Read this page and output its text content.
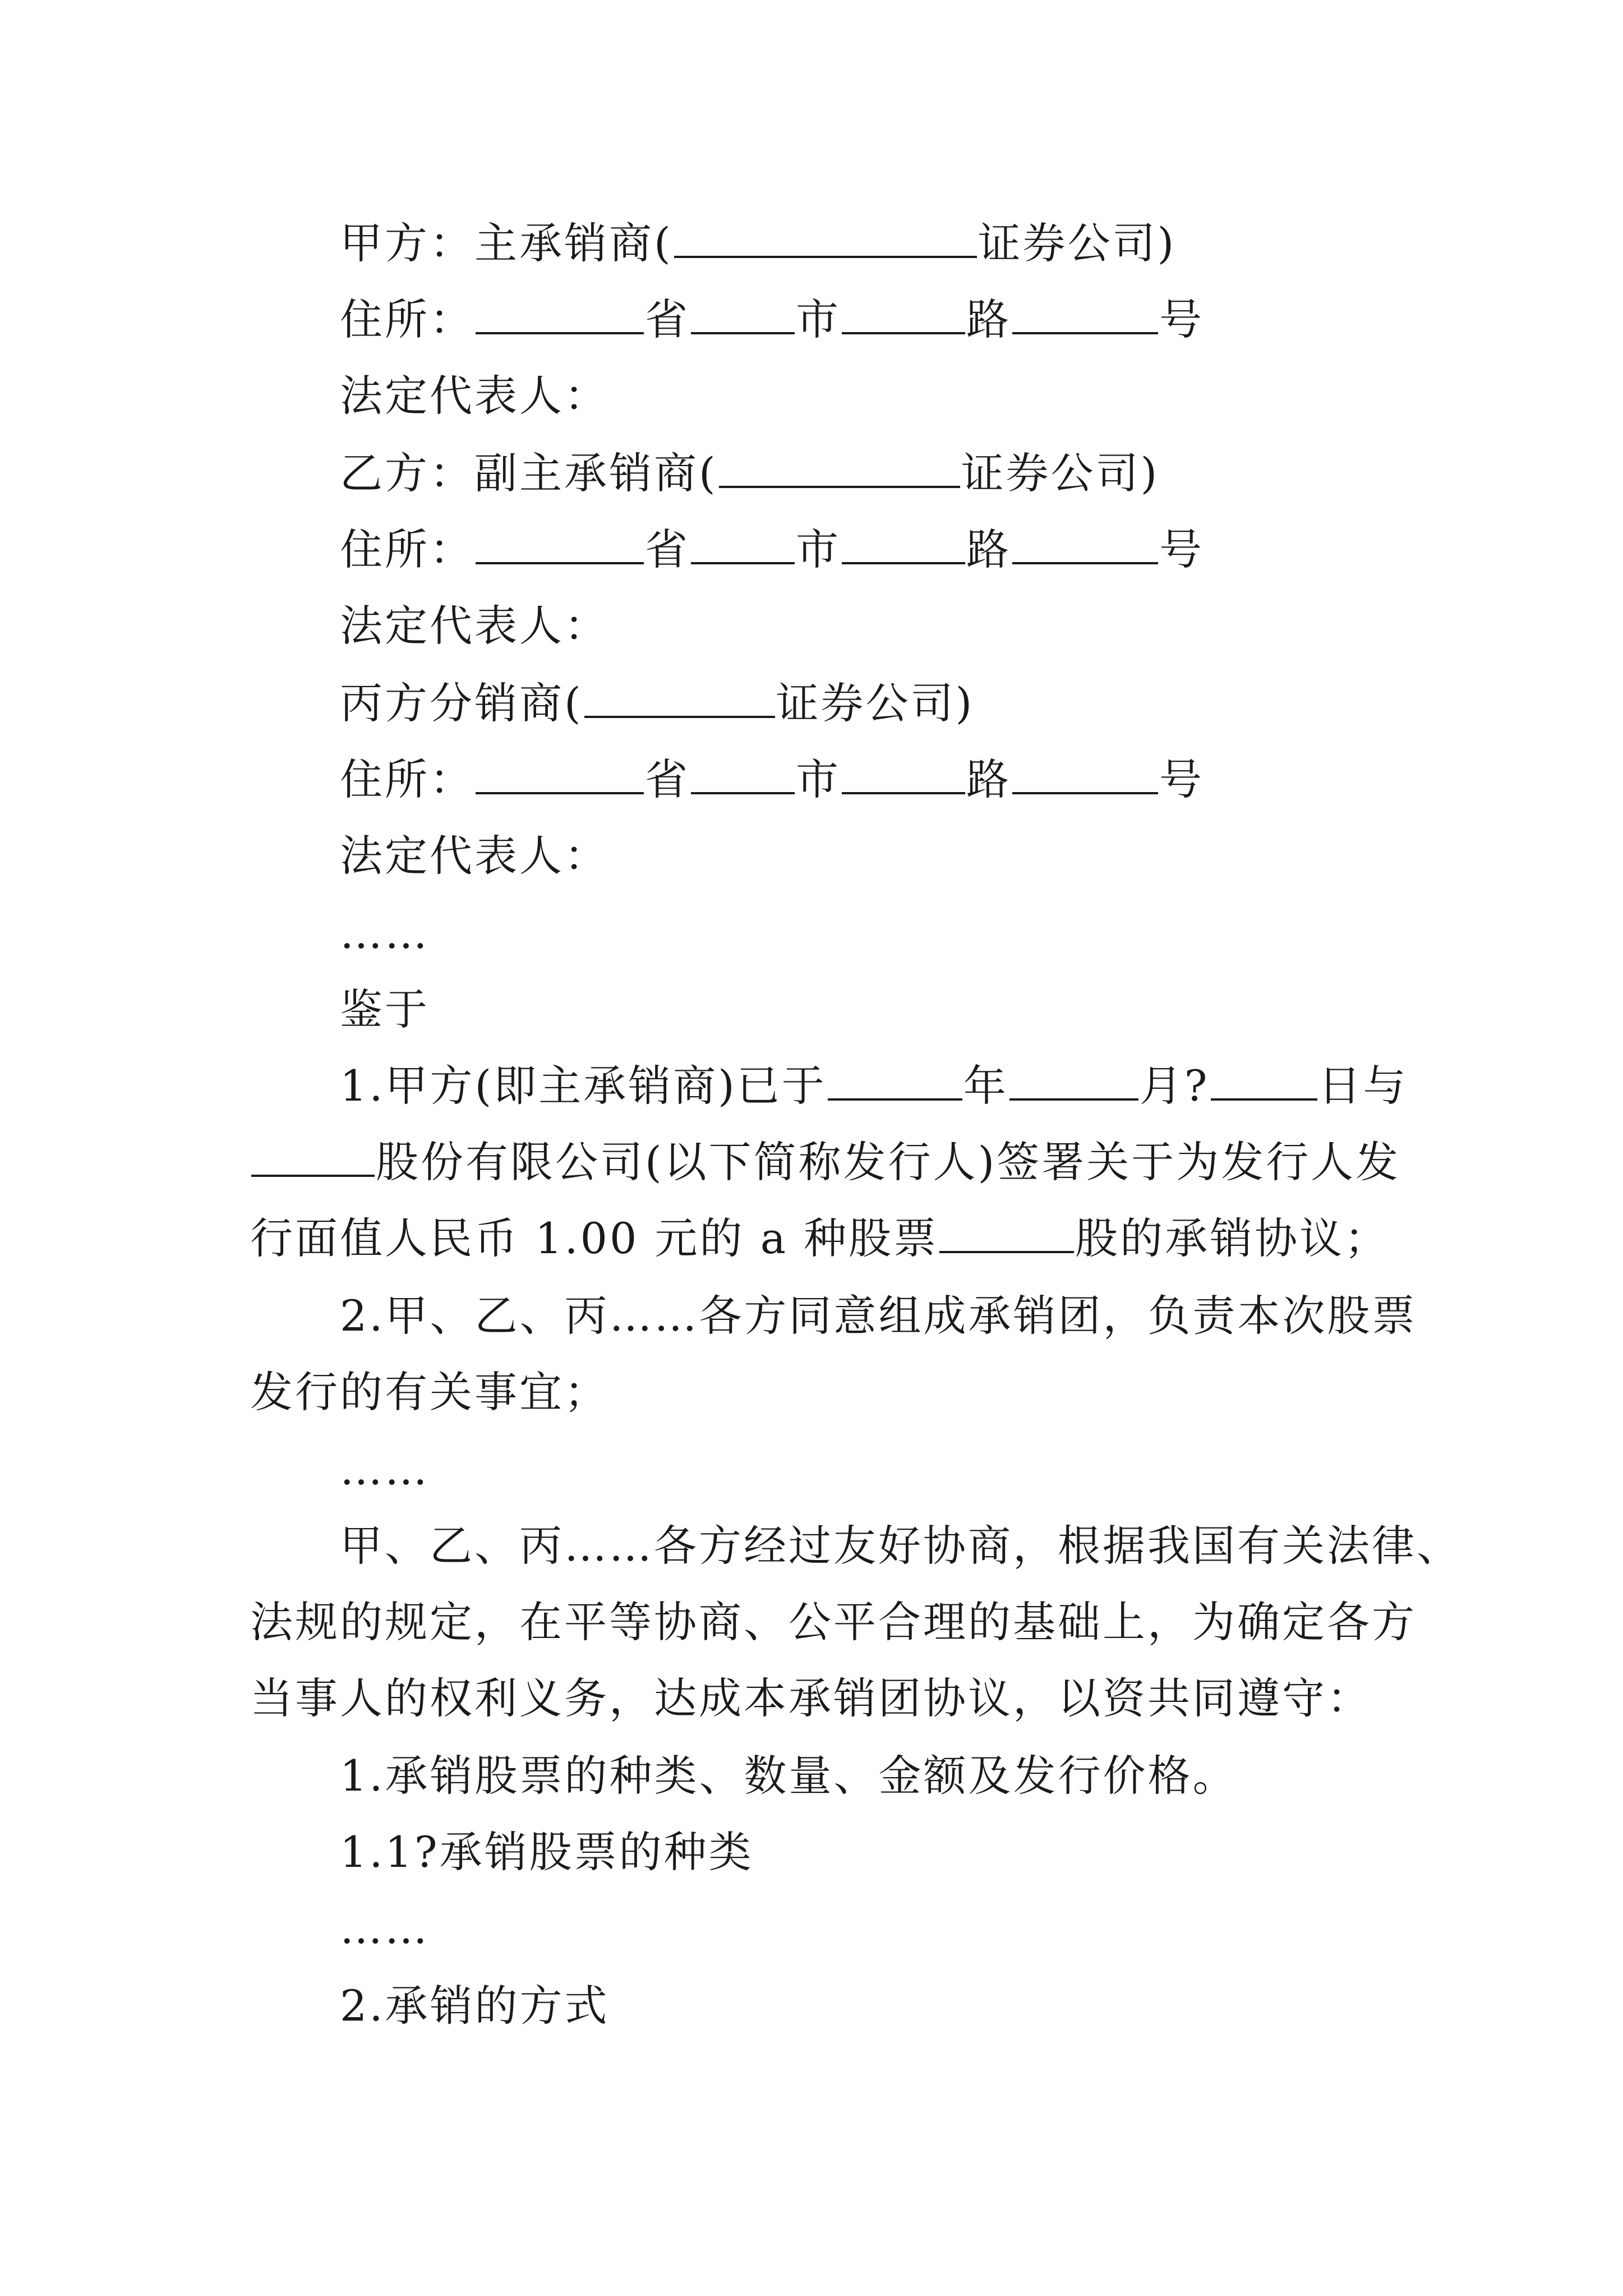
甲方：主承销商(	证券公司)
住所：	省 市	路	号
法定代表人：
乙方：副主承销商(	证券公司)
住所：	省 市	路	号
法定代表人：
丙方分销商(	证券公司)
住所：	省 市	路	号
法定代表人：
……
鉴于
1.甲方(即主承销商)已于	年	月?	日与
股份有限公司(以下简称发行人)签署关于为发行人发
行面值人民币 1.00 元的 a 种股票	股的承销协议；
2.甲、乙、丙……各方同意组成承销团，负责本次股票
发行的有关事宜；
……
甲、乙、丙……各方经过友好协商，根据我国有关法律、
法规的规定，在平等协商、公平合理的基础上，为确定各方
当事人的权利义务，达成本承销团协议，以资共同遵守：
1.承销股票的种类、数量、金额及发行价格。
1.1?承销股票的种类
……
2.承销的方式
